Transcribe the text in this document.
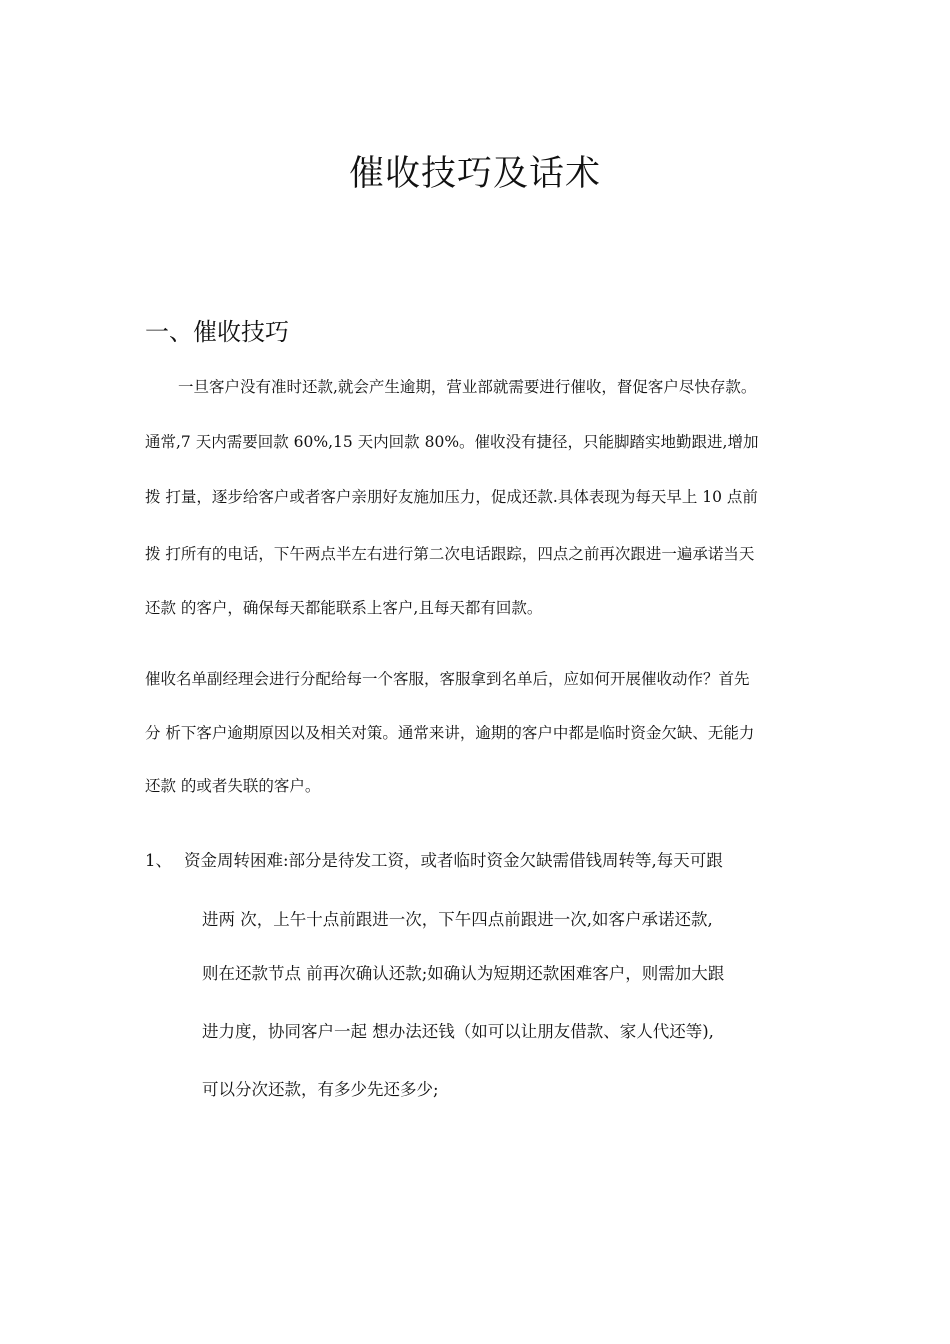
催收技巧及话术
一、催收技巧
一旦客户没有准时还款,就会产生逾期，营业部就需要进行催收，督促客户尽快存款。
通常,7 天内需要回款 60%,15 天内回款 80%。催收没有捷径，只能脚踏实地勤跟进,增加
拨 打量，逐步给客户或者客户亲朋好友施加压力，促成还款.具体表现为每天早上 10 点前
拨 打所有的电话，下午两点半左右进行第二次电话跟踪，四点之前再次跟进一遍承诺当天
还款 的客户，确保每天都能联系上客户,且每天都有回款。
催收名单副经理会进行分配给每一个客服，客服拿到名单后，应如何开展催收动作？首先
分 析下客户逾期原因以及相关对策。通常来讲，逾期的客户中都是临时资金欠缺、无能力
还款 的或者失联的客户。
1、 资金周转困难:部分是待发工资，或者临时资金欠缺需借钱周转等,每天可跟
进两 次，上午十点前跟进一次，下午四点前跟进一次,如客户承诺还款,
则在还款节点 前再次确认还款;如确认为短期还款困难客户，则需加大跟
进力度，协同客户一起 想办法还钱（如可以让朋友借款、家人代还等),
可以分次还款，有多少先还多少;
